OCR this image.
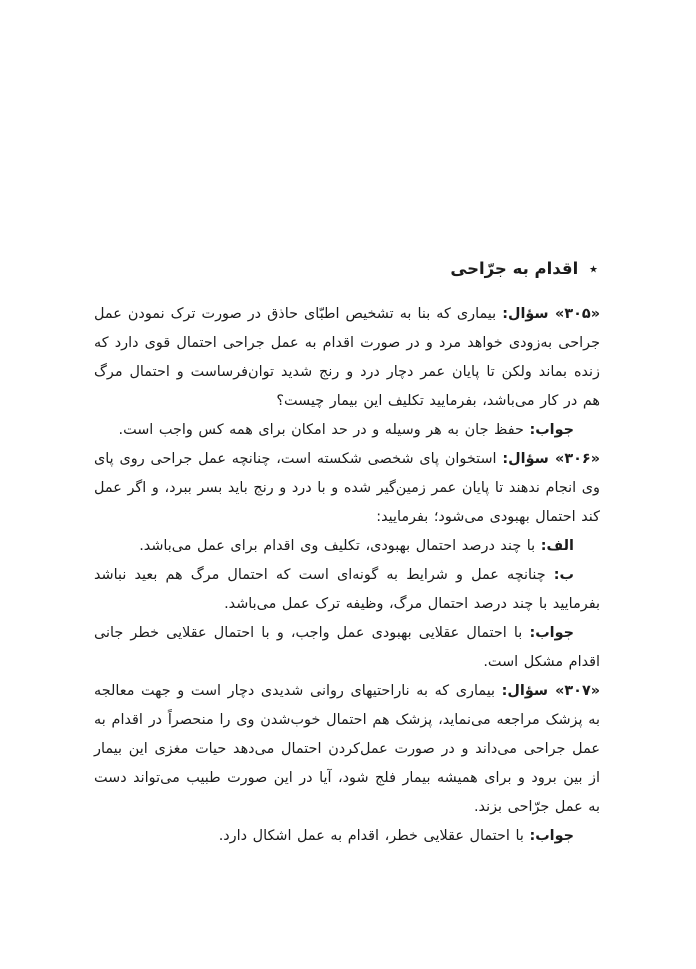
٭ اقدام به جرّاحی

«۳۰۵» سؤال: بیماری که بنا به تشخیص اطبّای حاذق در صورت ترک نمودن عمل جراحی به‌زودی خواهد مرد و در صورت اقدام به عمل جراحی احتمال قوی دارد که زنده بماند ولکن تا پایان عمر دچار درد و رنج شدید توان‌فرساست و احتمال مرگ هم در کار می‌باشد، بفرمایید تکلیف این بیمار چیست؟

جواب: حفظ جان به هر وسیله و در حد امکان برای همه کس واجب است.

«۳۰۶» سؤال: استخوان پای شخصی شکسته است، چنانچه عمل جراحی روی پای وی انجام ندهند تا پایان عمر زمین‌گیر شده و با درد و رنج باید بسر ببرد، و اگر عمل کند احتمال بهبودی می‌شود؛ بفرمایید:

الف: با چند درصد احتمال بهبودی، تکلیف وی اقدام برای عمل می‌باشد.

ب: چنانچه عمل و شرایط به گونه‌ای است که احتمال مرگ هم بعید نباشد بفرمایید با چند درصد احتمال مرگ، وظیفه ترک عمل می‌باشد.

جواب: با احتمال عقلایی بهبودی عمل واجب، و با احتمال عقلایی خطر جانی اقدام مشکل است.

«۳۰۷» سؤال: بیماری که به ناراحتیهای روانی شدیدی دچار است و جهت معالجه به پزشک مراجعه می‌نماید، پزشک هم احتمال خوب‌شدن وی را منحصراً در اقدام به عمل جراحی می‌داند و در صورت عمل‌کردن احتمال می‌دهد حیات مغزی این بیمار از بین برود و برای همیشه بیمار فلج شود، آیا در این صورت طبیب می‌تواند دست به عمل جرّاحی بزند.

جواب: با احتمال عقلایی خطر، اقدام به عمل اشکال دارد.
